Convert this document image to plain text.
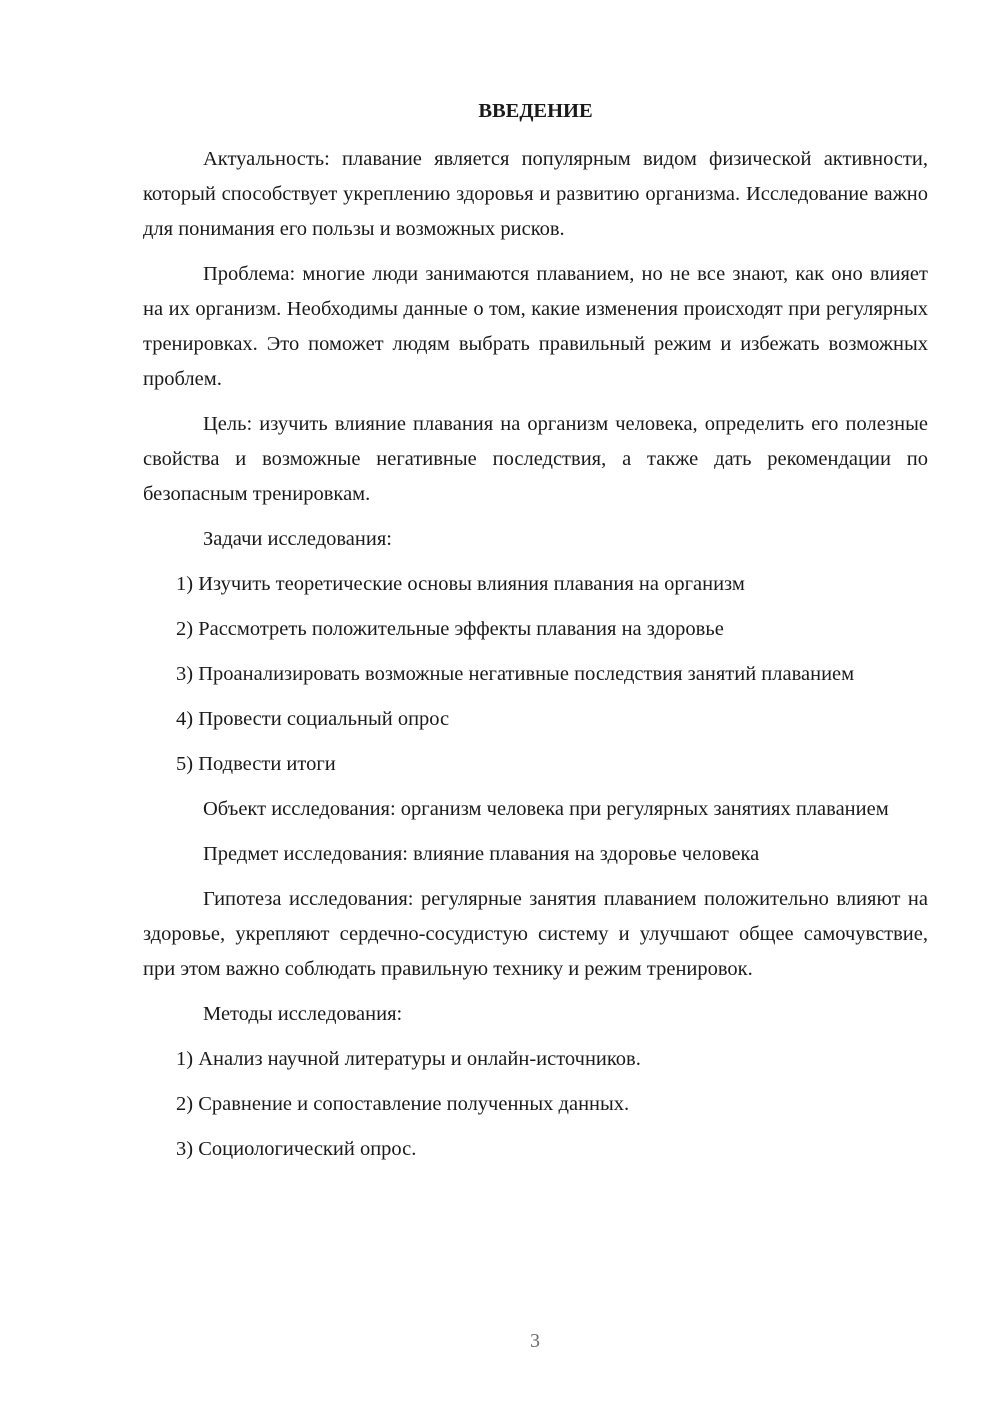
ВВЕДЕНИЕ

Актуальность: плавание является популярным видом физической активности, который способствует укреплению здоровья и развитию организма. Исследование важно для понимания его пользы и возможных рисков.

Проблема: многие люди занимаются плаванием, но не все знают, как оно влияет на их организм. Необходимы данные о том, какие изменения происходят при регулярных тренировках. Это поможет людям выбрать правильный режим и избежать возможных проблем.

Цель: изучить влияние плавания на организм человека, определить его полезные свойства и возможные негативные последствия, а также дать рекомендации по безопасным тренировкам.

Задачи исследования:

1) Изучить теоретические основы влияния плавания на организм

2) Рассмотреть положительные эффекты плавания на здоровье

3) Проанализировать возможные негативные последствия занятий плаванием

4) Провести социальный опрос

5) Подвести итоги

Объект исследования: организм человека при регулярных занятиях плаванием

Предмет исследования: влияние плавания на здоровье человека

Гипотеза исследования: регулярные занятия плаванием положительно влияют на здоровье, укрепляют сердечно-сосудистую систему и улучшают общее самочувствие, при этом важно соблюдать правильную технику и режим тренировок.

Методы исследования:

1) Анализ научной литературы и онлайн-источников.

2) Сравнение и сопоставление полученных данных.

3) Социологический опрос.

3
